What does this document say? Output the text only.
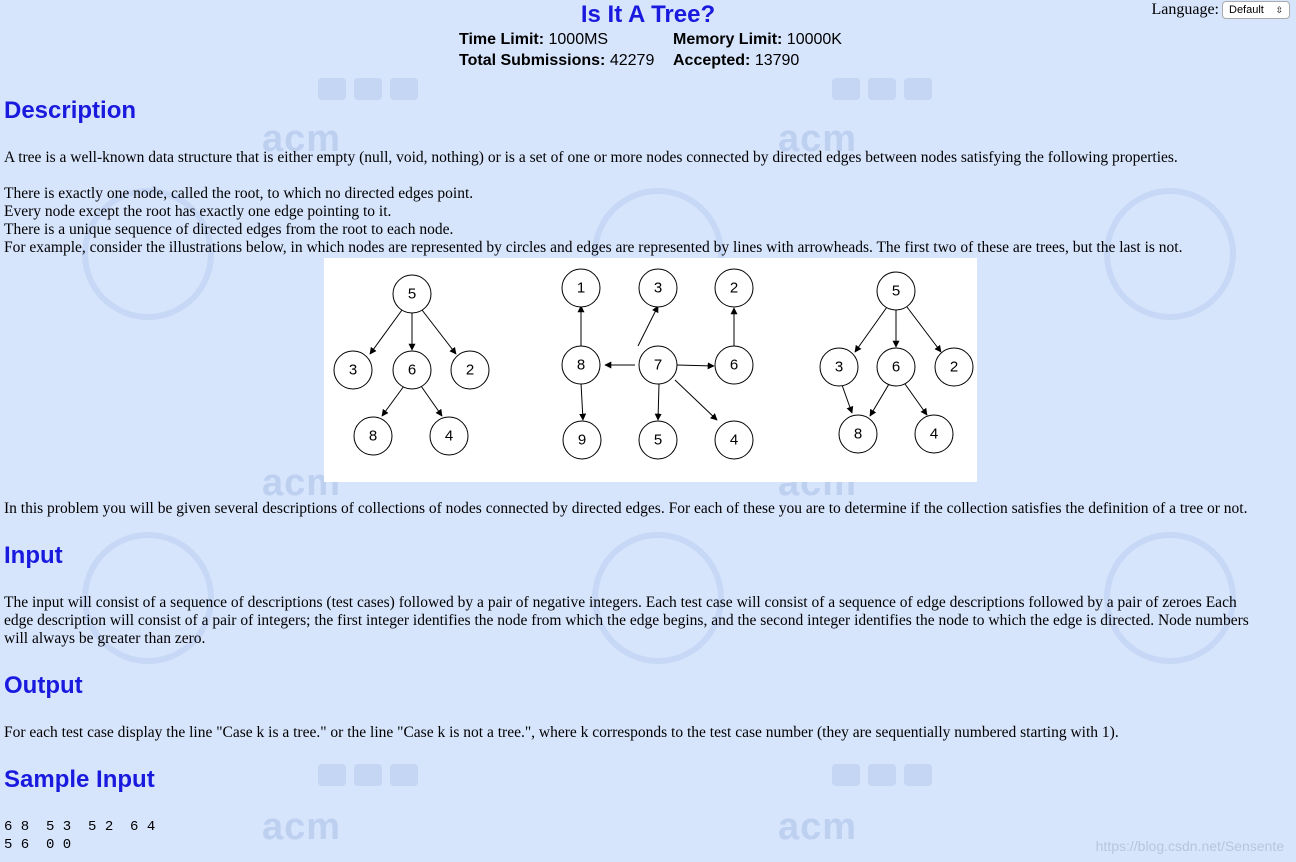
acm	acm
acm	acm
acm	acm
Is It A Tree?	Language: Default ⇳
Time Limit: 1000MS	Memory Limit: 10000K
Total Submissions: 42279 Accepted: 13790
Description
A tree is a well-known data structure that is either empty (null, void, nothing) or is a set of one or more nodes connected by directed edges between nodes satisfying the following properties.
There is exactly one node, called the root, to which no directed edges point.
Every node except the root has exactly one edge pointing to it.
There is a unique sequence of directed edges from the root to each node.
For example, consider the illustrations below, in which nodes are represented by circles and edges are represented by lines with arrowheads. The first two of these are trees, but the last is not.
5
3	6	2
8	4
1	3	2
8	7	6
9	5	4
5
3	6	2
8	4
In this problem you will be given several descriptions of collections of nodes connected by directed edges. For each of these you are to determine if the collection satisfies the definition of a tree or not.
Input
The input will consist of a sequence of descriptions (test cases) followed by a pair of negative integers. Each test case will consist of a sequence of edge descriptions followed by a pair of zeroes Each
edge description will consist of a pair of integers; the first integer identifies the node from which the edge begins, and the second integer identifies the node to which the edge is directed. Node numbers
will always be greater than zero.
Output
For each test case display the line "Case k is a tree." or the line "Case k is not a tree.", where k corresponds to the test case number (they are sequentially numbered starting with 1).
Sample Input
6 8  5 3  5 2  6 4
5 6  0 0	https://blog.csdn.net/Sensente
